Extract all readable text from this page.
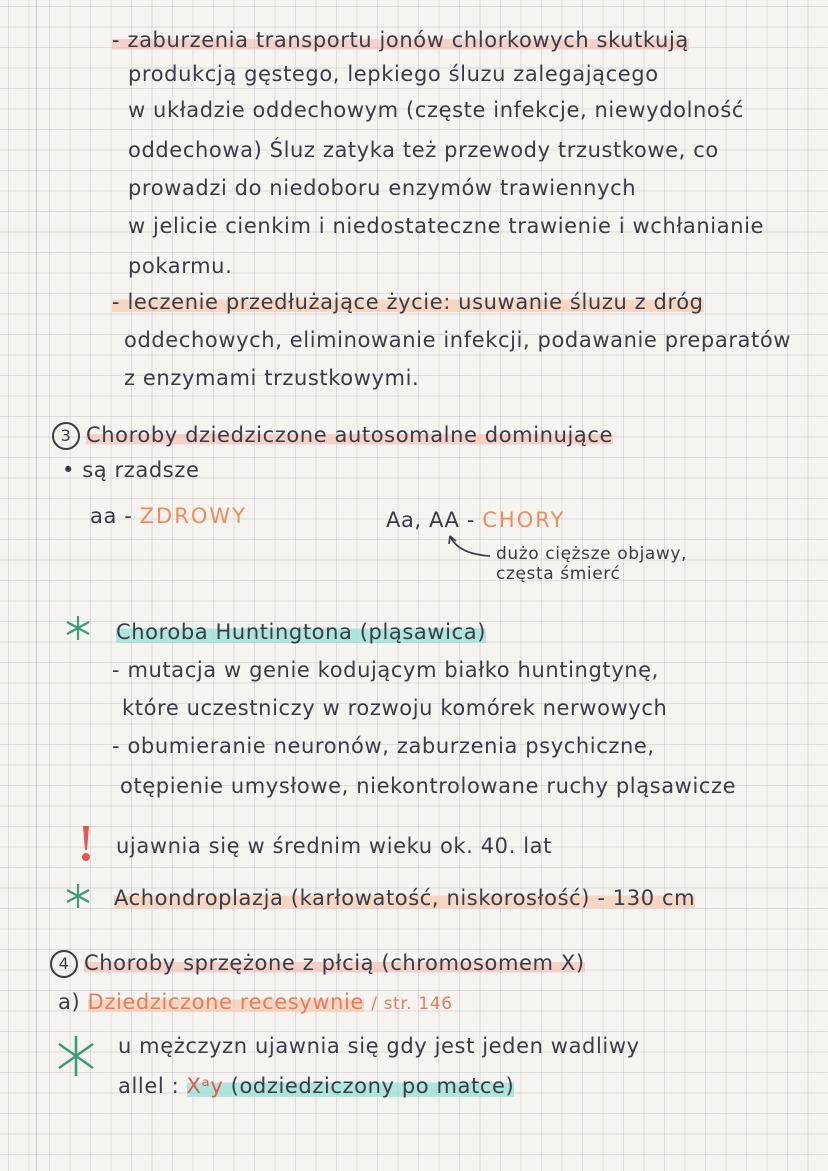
- zaburzenia transportu jonów chlorkowych skutkują
produkcją gęstego, lepkiego śluzu zalegającego
w układzie oddechowym (częste infekcje, niewydolność
oddechowa) Śluz zatyka też przewody trzustkowe, co
prowadzi do niedoboru enzymów trawiennych
w jelicie cienkim i niedostateczne trawienie i wchłanianie
pokarmu.
- leczenie przedłużające życie: usuwanie śluzu z dróg
oddechowych, eliminowanie infekcji, podawanie preparatów
z enzymami trzustkowymi.
3 Choroby dziedziczone autosomalne dominujące
• są rzadsze
aa - ZDROWY	Aa, AA - CHORY
dużo cięższe objawy,
częsta śmierć
Choroba Huntingtona (pląsawica)
- mutacja w genie kodującym białko huntingtynę,
które uczestniczy w rozwoju komórek nerwowych
- obumieranie neuronów, zaburzenia psychiczne,
otępienie umysłowe, niekontrolowane ruchy pląsawicze
ujawnia się w średnim wieku ok. 40. lat
Achondroplazja (karłowatość, niskorosłość) - 130 cm
4 Choroby sprzężone z płcią (chromosomem X)
a) Dziedziczone recesywnie / str. 146
u mężczyzn ujawnia się gdy jest jeden wadliwy
allel : Xᵃy (odziedziczony po matce)
